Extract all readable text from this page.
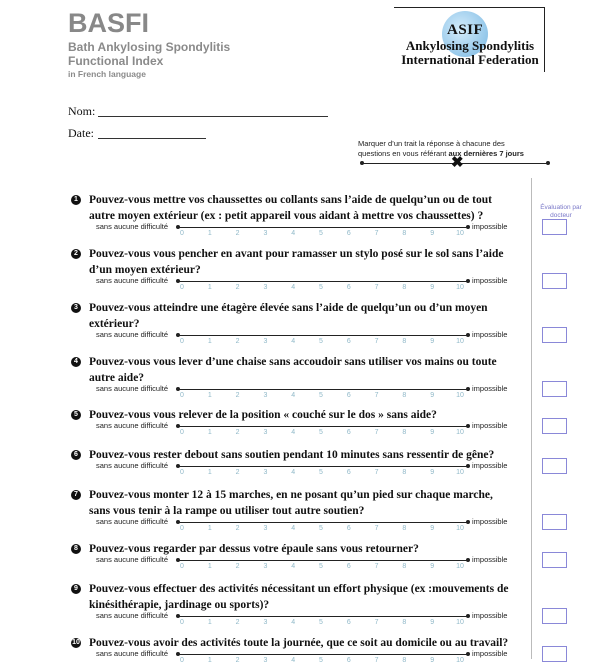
BASFI
Bath Ankylosing Spondylitis
Functional Index
in French language
ASIF
Ankylosing Spondylitis
International Federation
Nom:
Date:
Marquer d’un trait la réponse à chacune des
questions en vous référant aux dernières 7 jours
✖
Évaluation par docteur
1 Pouvez-vous mettre vos chaussettes ou collants sans l’aide de quelqu’un ou de tout
autre moyen extérieur (ex : petit appareil vous aidant à mettre vos chaussettes) ?
sans aucune difficulté	impossible
0	1	2	3	4	5	6	7	8	9	10
2 Pouvez-vous vous pencher en avant pour ramasser un stylo posé sur le sol sans l’aide
d’un moyen extérieur?
sans aucune difficulté	impossible
0	1	2	3	4	5	6	7	8	9	10
3 Pouvez-vous atteindre une étagère élevée sans l’aide de quelqu’un ou d’un moyen
extérieur?
sans aucune difficulté	impossible
0	1	2	3	4	5	6	7	8	9	10
4 Pouvez-vous vous lever d’une chaise sans accoudoir sans utiliser vos mains ou toute
autre aide?
sans aucune difficulté	impossible
0	1	2	3	4	5	6	7	8	9	10
5 Pouvez-vous vous relever de la position « couché sur le dos » sans aide?
sans aucune difficulté	impossible
0	1	2	3	4	5	6	7	8	9	10
6 Pouvez-vous rester debout sans soutien pendant 10 minutes sans ressentir de gêne?
sans aucune difficulté	impossible
0	1	2	3	4	5	6	7	8	9	10
7 Pouvez-vous monter 12 à 15 marches, en ne posant qu’un pied sur chaque marche,
sans vous tenir à la rampe ou utiliser tout autre soutien?
sans aucune difficulté	impossible
0	1	2	3	4	5	6	7	8	9	10
8 Pouvez-vous regarder par dessus votre épaule sans vous retourner?
sans aucune difficulté	impossible
0	1	2	3	4	5	6	7	8	9	10
9 Pouvez-vous effectuer des activités nécessitant un effort physique (ex :mouvements de
kinésithérapie, jardinage ou sports)?
sans aucune difficulté	impossible
0	1	2	3	4	5	6	7	8	9	10
10 Pouvez-vous avoir des activités toute la journée, que ce soit au domicile ou au travail?
sans aucune difficulté	impossible
0	1	2	3	4	5	6	7	8	9	10
